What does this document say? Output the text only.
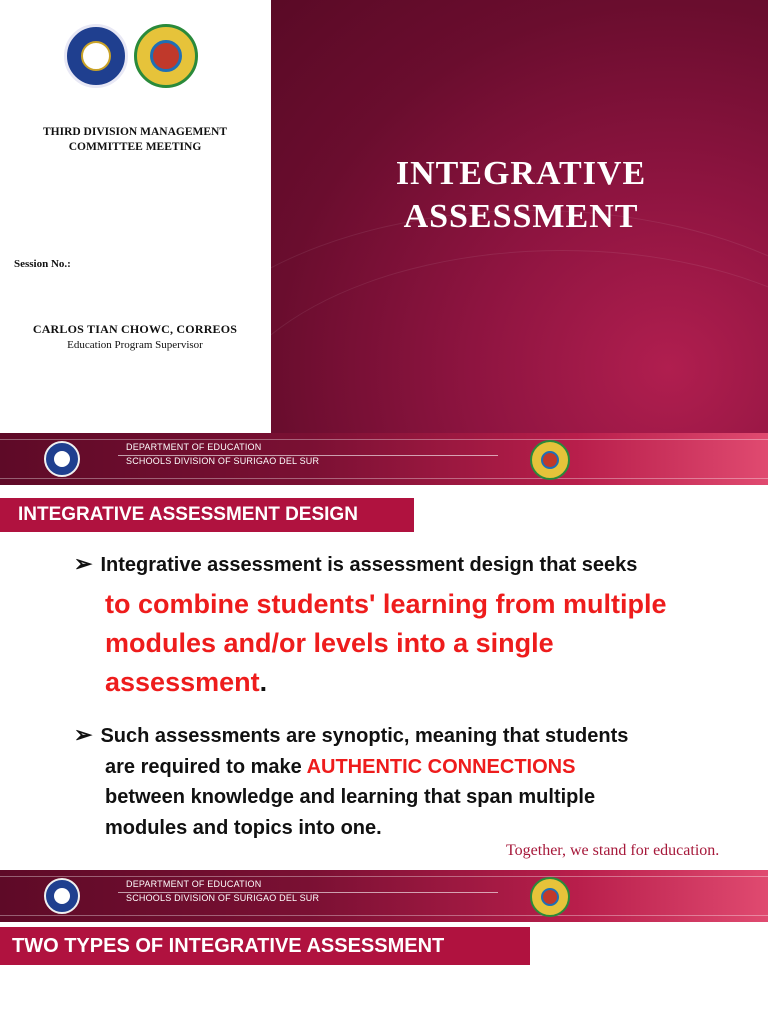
THIRD DIVISION MANAGEMENT
COMMITTEE MEETING
Session No.:
CARLOS TIAN CHOWC, CORREOS
Education Program Supervisor
INTEGRATIVE
ASSESSMENT
DEPARTMENT OF EDUCATION
SCHOOLS DIVISION OF SURIGAO DEL SUR
INTEGRATIVE ASSESSMENT DESIGN
➢ Integrative assessment is assessment design that seeks
to combine students' learning from multiple
modules and/or levels into a single
assessment.
➢ Such assessments are synoptic, meaning that students
are required to make AUTHENTIC CONNECTIONS
between knowledge and learning that span multiple
modules and topics into one.
Together, we stand for education.
DEPARTMENT OF EDUCATION
SCHOOLS DIVISION OF SURIGAO DEL SUR
TWO TYPES OF INTEGRATIVE ASSESSMENT
